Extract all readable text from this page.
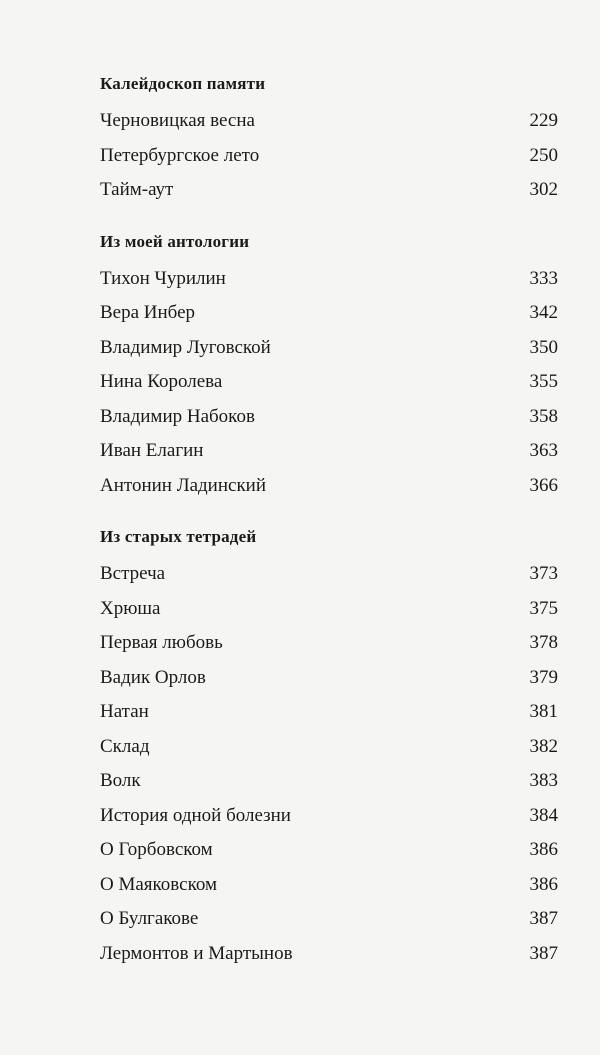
Калейдоскоп памяти
Черновицкая весна	229
Петербургское лето	250
Тайм-аут	302
Из моей антологии
Тихон Чурилин	333
Вера Инбер	342
Владимир Луговской	350
Нина Королева	355
Владимир Набоков	358
Иван Елагин	363
Антонин Ладинский	366
Из старых тетрадей
Встреча	373
Хрюша	375
Первая любовь	378
Вадик Орлов	379
Натан	381
Склад	382
Волк	383
История одной болезни	384
О Горбовском	386
О Маяковском	386
О Булгакове	387
Лермонтов и Мартынов	387
